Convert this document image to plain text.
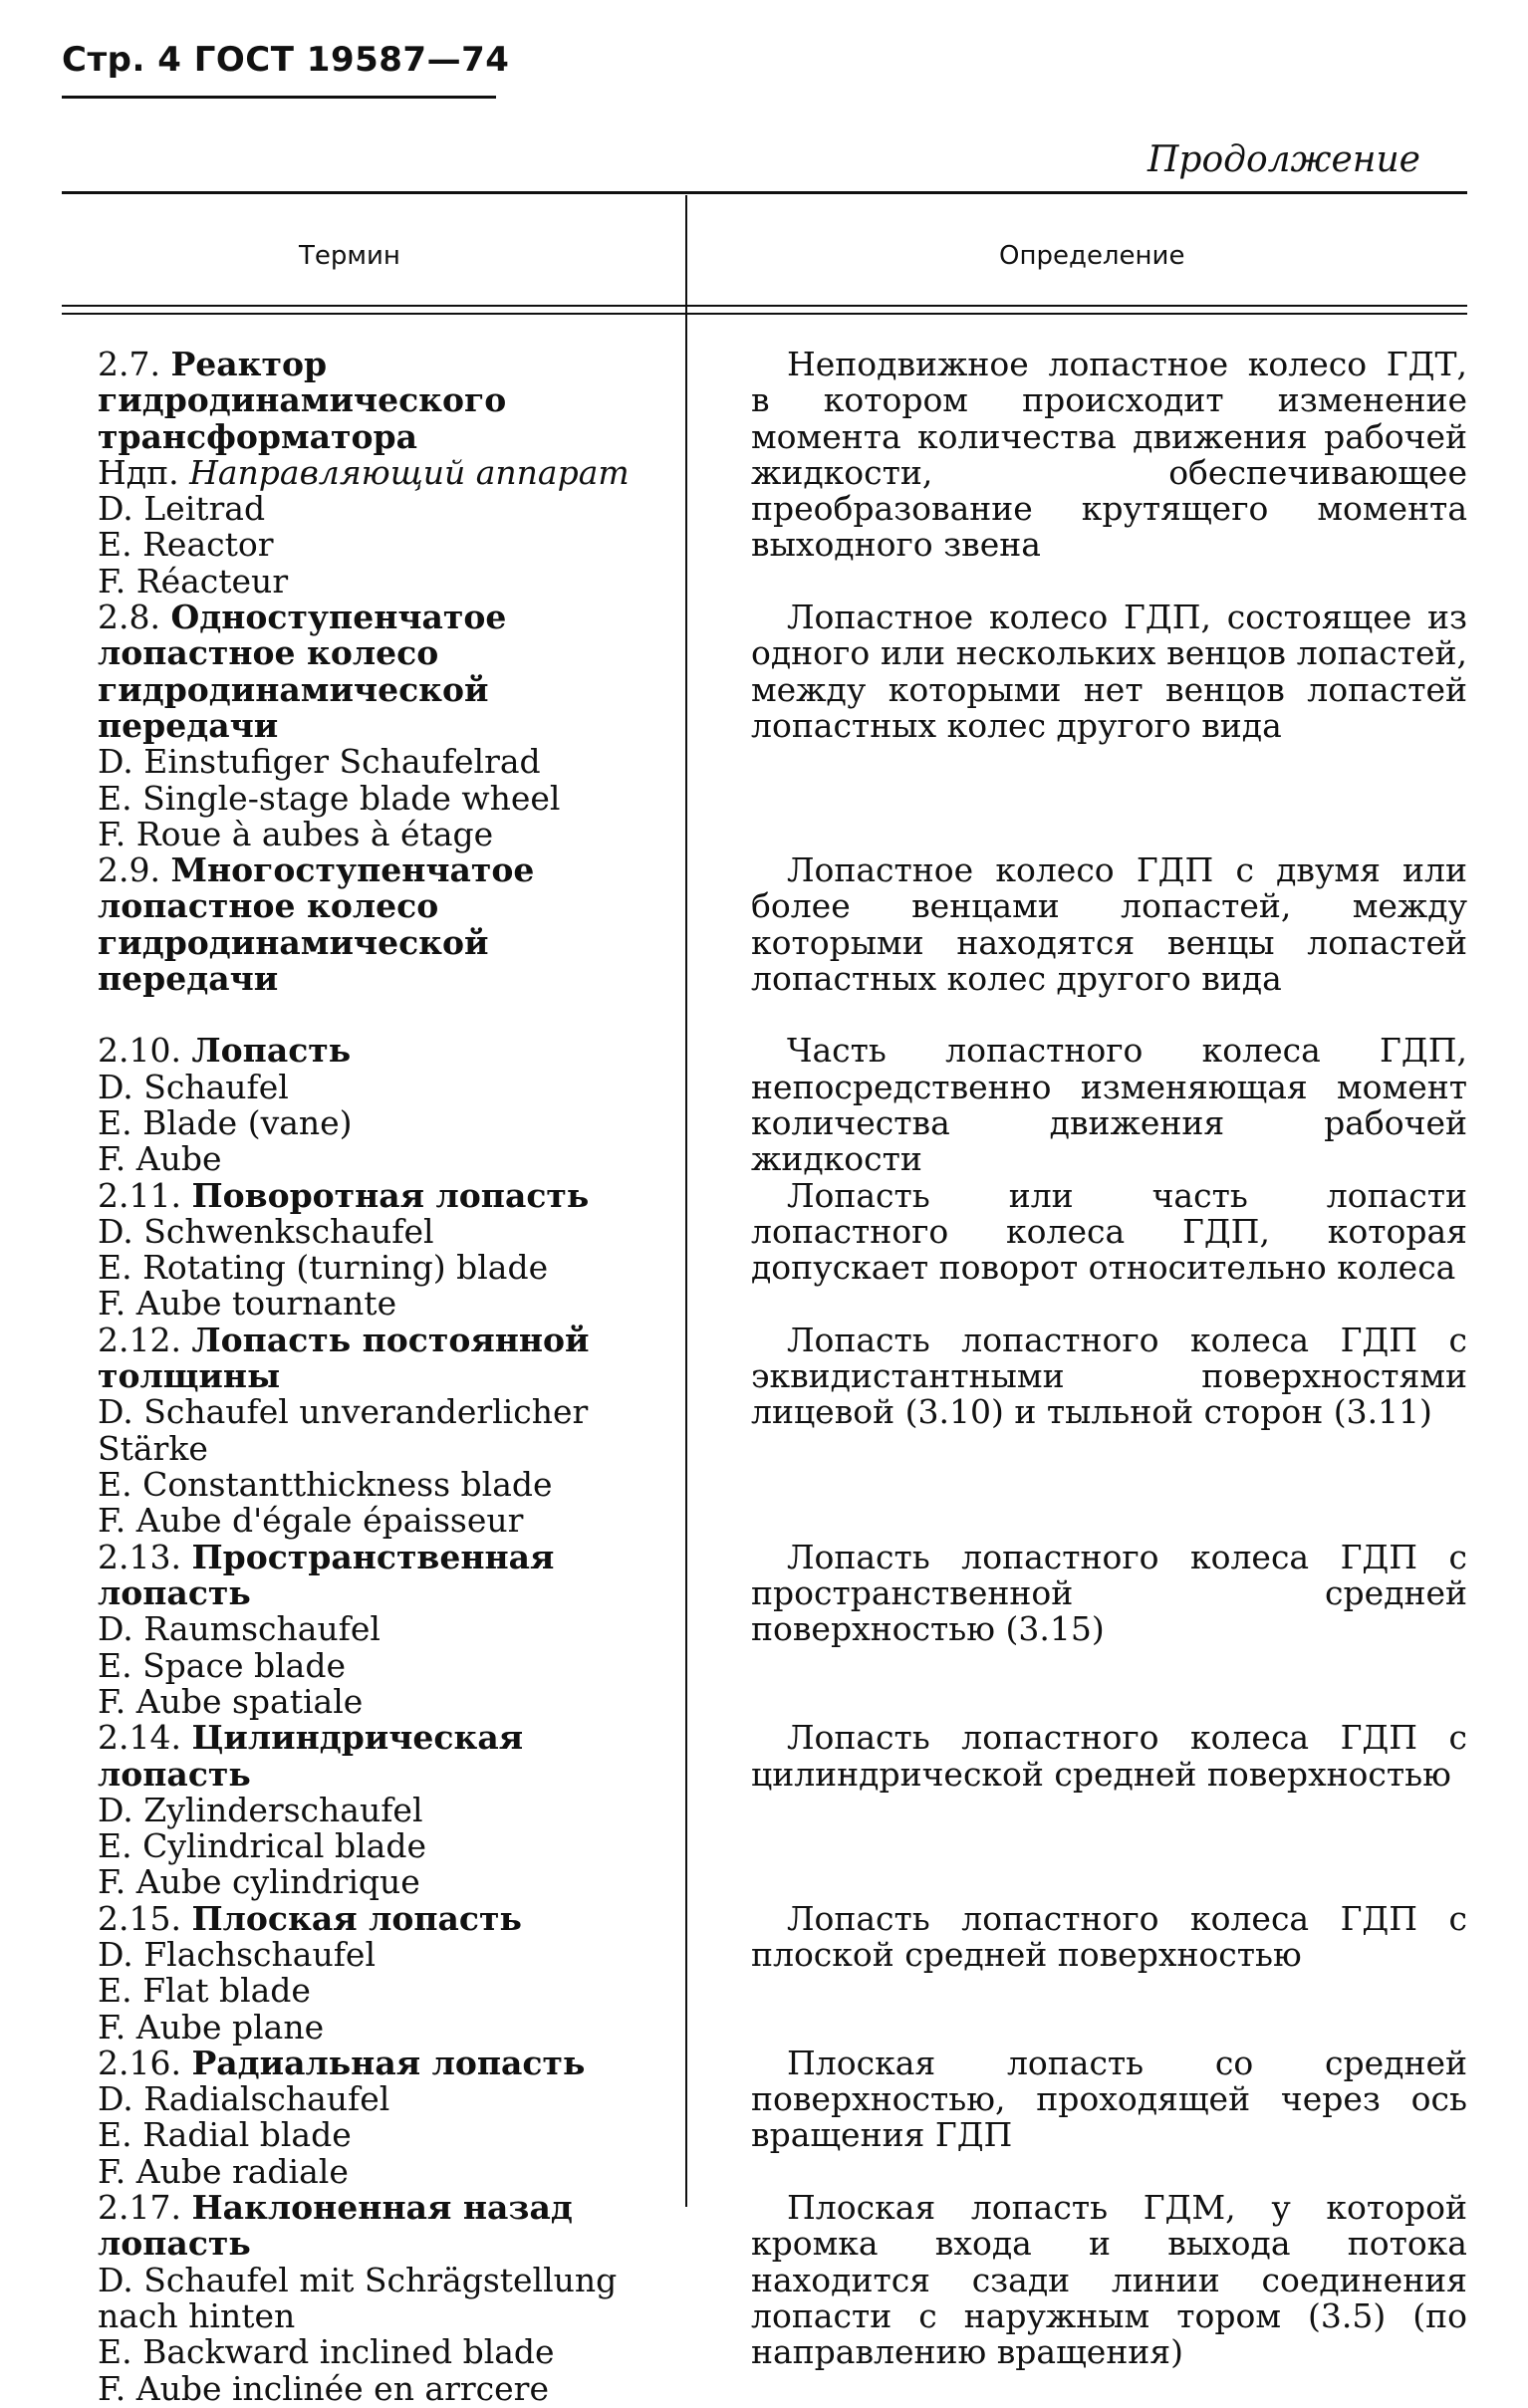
Стр. 4 ГОСТ 19587—74
Продолжение
Термин	Определение
2.7. Реактор гидродинамического трансформатора
Ндп. Направляющий аппарат
D. Leitrad
E. Reactor
F. Réacteur
Неподвижное лопастное колесо ГДТ, в котором происходит изменение момента количества движения рабочей жидкости, обеспечивающее преобразование крутящего момента выходного звена
2.8. Одноступенчатое лопастное колесо гидродинамической передачи
D. Einstufiger Schaufelrad
E. Single-stage blade wheel
F. Roue à aubes à étage
Лопастное колесо ГДП, состоящее из одного или нескольких венцов лопастей, между которыми нет венцов лопастей лопастных колес другого вида
2.9. Многоступенчатое лопастное колесо гидродинамической передачи
Лопастное колесо ГДП с двумя или более венцами лопастей, между которыми находятся венцы лопастей лопастных колес другого вида
2.10. Лопасть
D. Schaufel
E. Blade (vane)
F. Aube
Часть лопастного колеса ГДП, непосредственно изменяющая момент количества движения рабочей жидкости
2.11. Поворотная лопасть
D. Schwenkschaufel
E. Rotating (turning) blade
F. Aube tournante
Лопасть или часть лопасти лопастного колеса ГДП, которая допускает поворот относительно колеса
2.12. Лопасть постоянной толщины
D. Schaufel unveranderlicher Stärke
E. Constantthickness blade
F. Aube d'égale épaisseur
Лопасть лопастного колеса ГДП с эквидистантными поверхностями лицевой (3.10) и тыльной сторон (3.11)
2.13. Пространственная лопасть
D. Raumschaufel
E. Space blade
F. Aube spatiale
Лопасть лопастного колеса ГДП с пространственной средней поверхностью (3.15)
2.14. Цилиндрическая лопасть
D. Zylinderschaufel
E. Cylindrical blade
F. Aube cylindrique
Лопасть лопастного колеса ГДП с цилиндрической средней поверхностью
2.15. Плоская лопасть
D. Flachschaufel
E. Flat blade
F. Aube plane
Лопасть лопастного колеса ГДП с плоской средней поверхностью
2.16. Радиальная лопасть
D. Radialschaufel
E. Radial blade
F. Aube radiale
Плоская лопасть со средней поверхностью, проходящей через ось вращения ГДП
2.17. Наклоненная назад лопасть
D. Schaufel mit Schrägstellung nach hinten
E. Backward inclined blade
F. Aube inclinée en arrcere
Плоская лопасть ГДМ, у которой кромка входа и выхода потока находится сзади линии соединения лопасти с наружным тором (3.5) (по направлению вращения)
